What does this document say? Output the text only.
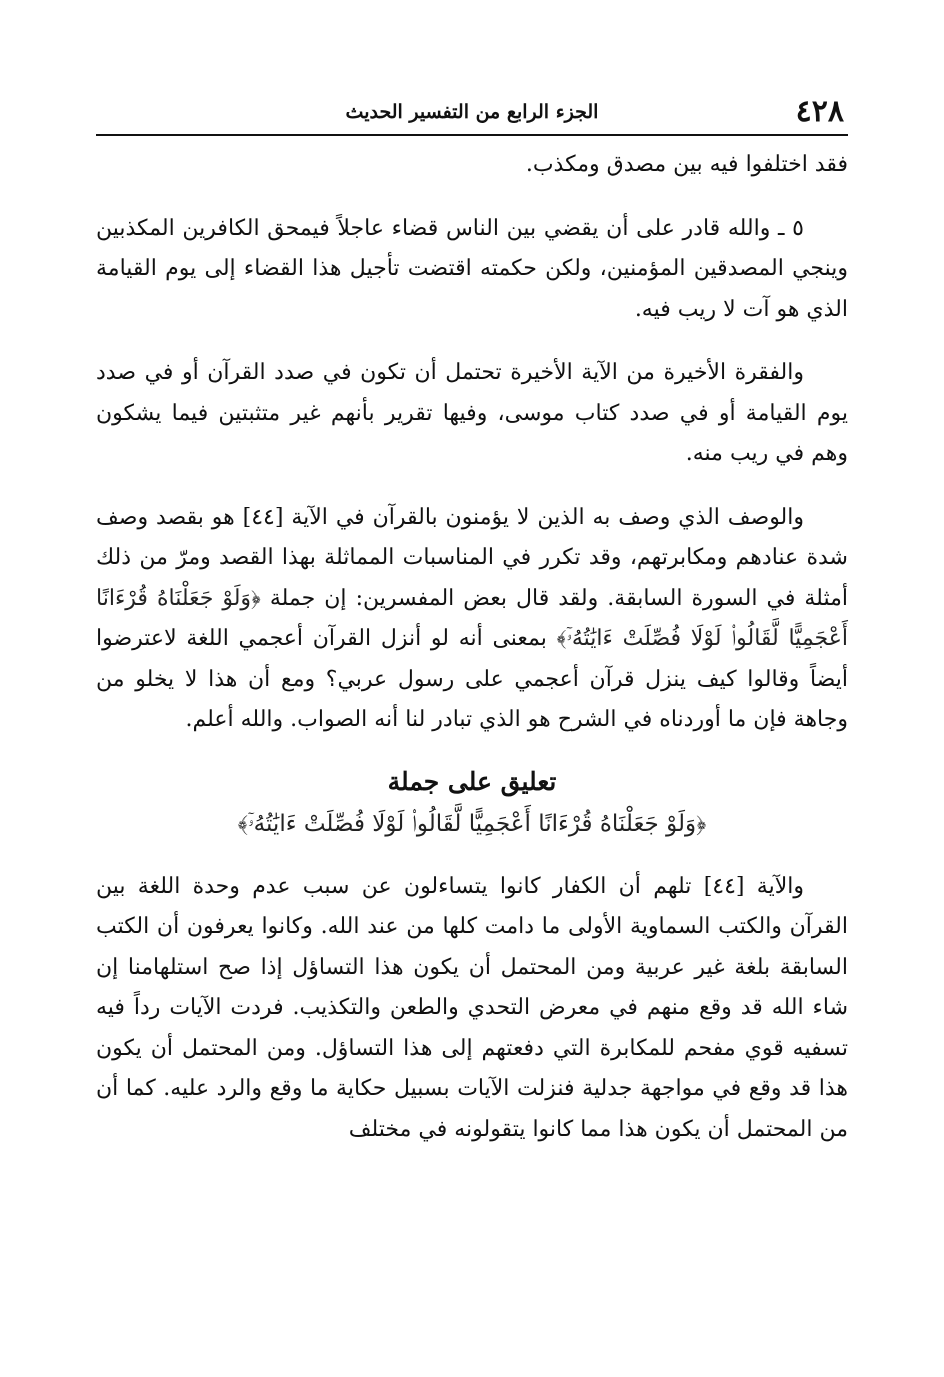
٤٢٨
الجزء الرابع من التفسير الحديث

فقد اختلفوا فيه بين مصدق ومكذب.

٥ ـ والله قادر على أن يقضي بين الناس قضاء عاجلاً فيمحق الكافرين المكذبين وينجي المصدقين المؤمنين، ولكن حكمته اقتضت تأجيل هذا القضاء إلى يوم القيامة الذي هو آت لا ريب فيه.

والفقرة الأخيرة من الآية الأخيرة تحتمل أن تكون في صدد القرآن أو في صدد يوم القيامة أو في صدد كتاب موسى، وفيها تقرير بأنهم غير متثبتين فيما يشكون وهم في ريب منه.

والوصف الذي وصف به الذين لا يؤمنون بالقرآن في الآية [٤٤] هو بقصد وصف شدة عنادهم ومكابرتهم، وقد تكرر في المناسبات المماثلة بهذا القصد ومرّ من ذلك أمثلة في السورة السابقة. ولقد قال بعض المفسرين: إن جملة ﴿وَلَوْ جَعَلْنَاهُ قُرْءَانًا أَعْجَمِيًّا لَّقَالُوا۟ لَوْلَا فُصِّلَتْ ءَايَٰتُهُۥٓ﴾ بمعنى أنه لو أنزل القرآن أعجمي اللغة لاعترضوا أيضاً وقالوا كيف ينزل قرآن أعجمي على رسول عربي؟ ومع أن هذا لا يخلو من وجاهة فإن ما أوردناه في الشرح هو الذي تبادر لنا أنه الصواب. والله أعلم.

تعليق على جملة
﴿وَلَوْ جَعَلْنَاهُ قُرْءَانًا أَعْجَمِيًّا لَّقَالُوا۟ لَوْلَا فُصِّلَتْ ءَايَٰتُهُۥٓ﴾

والآية [٤٤] تلهم أن الكفار كانوا يتساءلون عن سبب عدم وحدة اللغة بين القرآن والكتب السماوية الأولى ما دامت كلها من عند الله. وكانوا يعرفون أن الكتب السابقة بلغة غير عربية ومن المحتمل أن يكون هذا التساؤل إذا صح استلهامنا إن شاء الله قد وقع منهم في معرض التحدي والطعن والتكذيب. فردت الآيات رداً فيه تسفيه قوي مفحم للمكابرة التي دفعتهم إلى هذا التساؤل. ومن المحتمل أن يكون هذا قد وقع في مواجهة جدلية فنزلت الآيات بسبيل حكاية ما وقع والرد عليه. كما أن من المحتمل أن يكون هذا مما كانوا يتقولونه في مختلف
